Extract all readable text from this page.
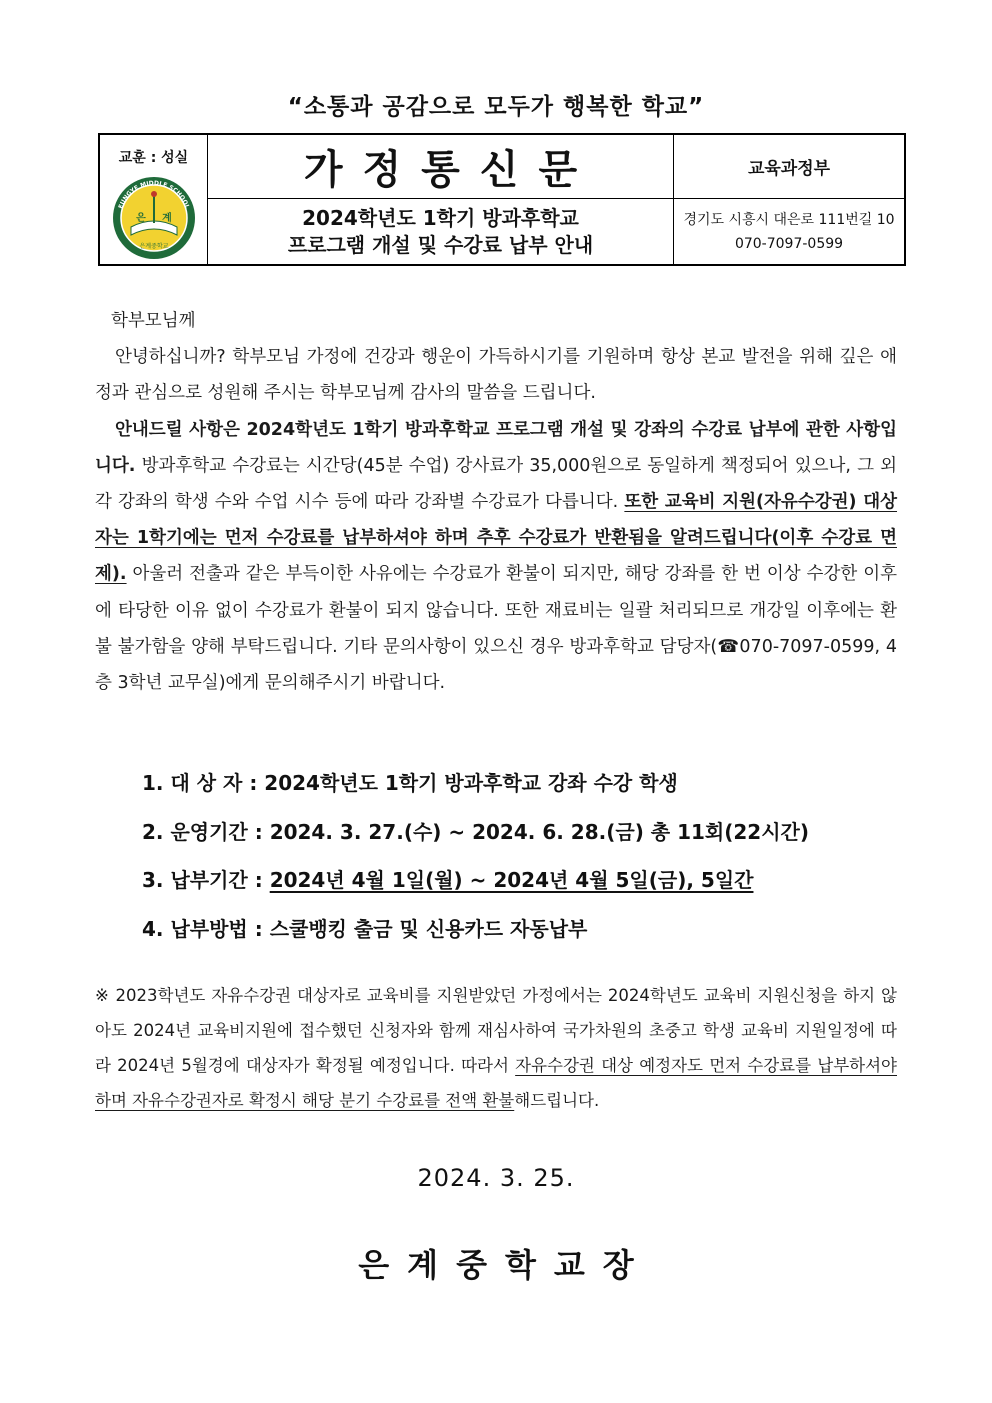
“소통과 공감으로 모두가 행복한 학교”
교훈 : 성실
EUNGYE MIDDLE SCHOOL
은 계
은계중학교
가정통신문	교육과정부
2024학년도 1학기 방과후학교
프로그램 개설 및 수강료 납부 안내
경기도 시흥시 대은로 111번길 10
070-7097-0599

학부모님께

안녕하십니까? 학부모님 가정에 건강과 행운이 가득하시기를 기원하며 항상 본교 발전을 위해 깊은 애정과 관심으로 성원해 주시는 학부모님께 감사의 말씀을 드립니다.

안내드릴 사항은 2024학년도 1학기 방과후학교 프로그램 개설 및 강좌의 수강료 납부에 관한 사항입니다. 방과후학교 수강료는 시간당(45분 수업) 강사료가 35,000원으로 동일하게 책정되어 있으나, 그 외 각 강좌의 학생 수와 수업 시수 등에 따라 강좌별 수강료가 다릅니다. 또한 교육비 지원(자유수강권) 대상자는 1학기에는 먼저 수강료를 납부하셔야 하며 추후 수강료가 반환됨을 알려드립니다(이후 수강료 면제). 아울러 전출과 같은 부득이한 사유에는 수강료가 환불이 되지만, 해당 강좌를 한 번 이상 수강한 이후에 타당한 이유 없이 수강료가 환불이 되지 않습니다. 또한 재료비는 일괄 처리되므로 개강일 이후에는 환불 불가함을 양해 부탁드립니다. 기타 문의사항이 있으신 경우 방과후학교 담당자(☎070-7097-0599, 4층 3학년 교무실)에게 문의해주시기 바랍니다.

1. 대 상 자 : 2024학년도 1학기 방과후학교 강좌 수강 학생
2. 운영기간 : 2024. 3. 27.(수) ~ 2024. 6. 28.(금) 총 11회(22시간)
3. 납부기간 : 2024년 4월 1일(월) ~ 2024년 4월 5일(금), 5일간
4. 납부방법 : 스쿨뱅킹 출금 및 신용카드 자동납부

※ 2023학년도 자유수강권 대상자로 교육비를 지원받았던 가정에서는 2024학년도 교육비 지원신청을 하지 않아도 2024년 교육비지원에 접수했던 신청자와 함께 재심사하여 국가차원의 초중고 학생 교육비 지원일정에 따라 2024년 5월경에 대상자가 확정될 예정입니다. 따라서 자유수강권 대상 예정자도 먼저 수강료를 납부하셔야 하며 자유수강권자로 확정시 해당 분기 수강료를 전액 환불해드립니다.

2024. 3. 25.
은계중학교장
